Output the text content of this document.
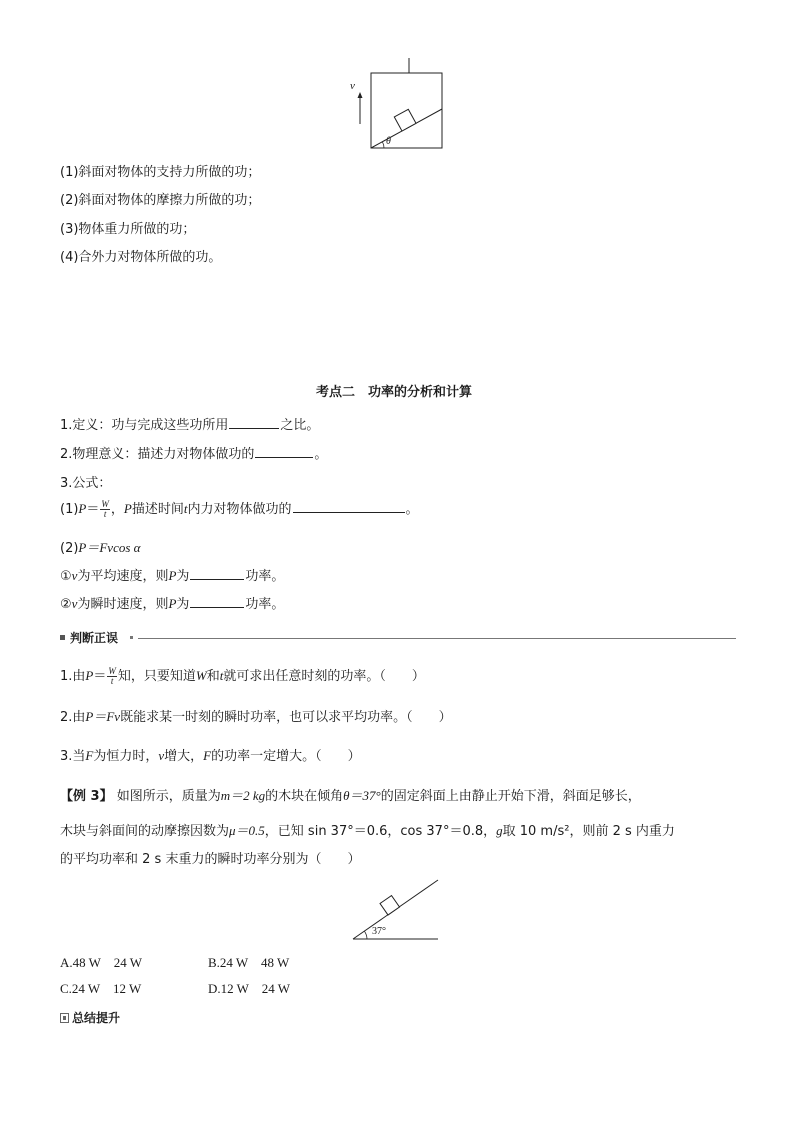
v
θ
(1)斜面对物体的支持力所做的功；
(2)斜面对物体的摩擦力所做的功；
(3)物体重力所做的功；
(4)合外力对物体所做的功。
考点二　功率的分析和计算
1.定义：功与完成这些功所用	之比。
2.物理意义：描述力对物体做功的	。
3.公式：
$(1)P= \frac{W}{t}$ ，P描述时间t内力对物体做功的	。
(2)P＝Fvcos α
①v为平均速度，则P为	功率。
②v为瞬时速度，则P为	功率。
判断正误
1.由$P= \frac{W}{t}$ 知，只要知道W和t就可求出任意时刻的功率。（　　）
2.由P＝Fv既能求某一时刻的瞬时功率，也可以求平均功率。（　　）
3.当F为恒力时，v增大，F的功率一定增大。（　　）
【例 3】 如图所示，质量为m＝2 kg的木块在倾角θ＝37°的固定斜面上由静止开始下滑，斜面足够长，
木块与斜面间的动摩擦因数为μ＝0.5，已知 sin 37°＝0.6，cos 37°＝0.8，g取 10 m/s²，则前 2 s 内重力
的平均功率和 2 s 末重力的瞬时功率分别为（　　）
37°
A.48 W　24 W	B.24 W　48 W
C.24 W　12 W	D.12 W　24 W
总结提升
